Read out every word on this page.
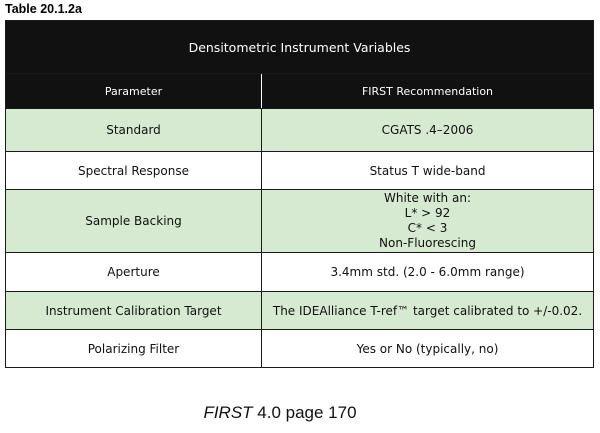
Table 20.1.2a
Densitometric Instrument Variables	
Parameter	FIRST Recommendation
Standard	CGATS .4–2006
Spectral Response	Status T wide-band
Sample Backing	White with an:
L* > 92
C* < 3
Non-Fluorescing

Aperture	3.4mm std. (2.0 - 6.0mm range)
Instrument Calibration Target	The IDEAlliance T-ref™ target calibrated to +/-0.02.
Polarizing Filter	Yes or No (typically, no)
FIRST 4.0 page 170
